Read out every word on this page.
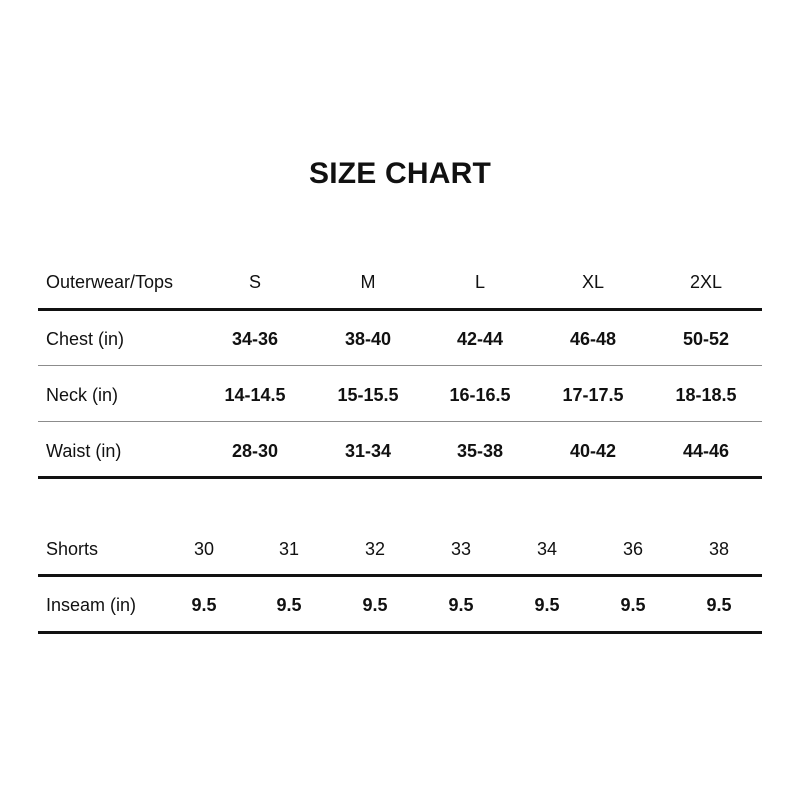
SIZE CHART
Outerwear/Tops	S	M	L	XL	2XL
Chest (in)	34-36	38-40	42-44	46-48	50-52
Neck (in)	14-14.5	15-15.5	16-16.5	17-17.5	18-18.5
Waist (in)	28-30	31-34	35-38	40-42	44-46
Shorts	30	31	32	33	34	36	38
Inseam (in)	9.5	9.5	9.5	9.5	9.5	9.5	9.5
